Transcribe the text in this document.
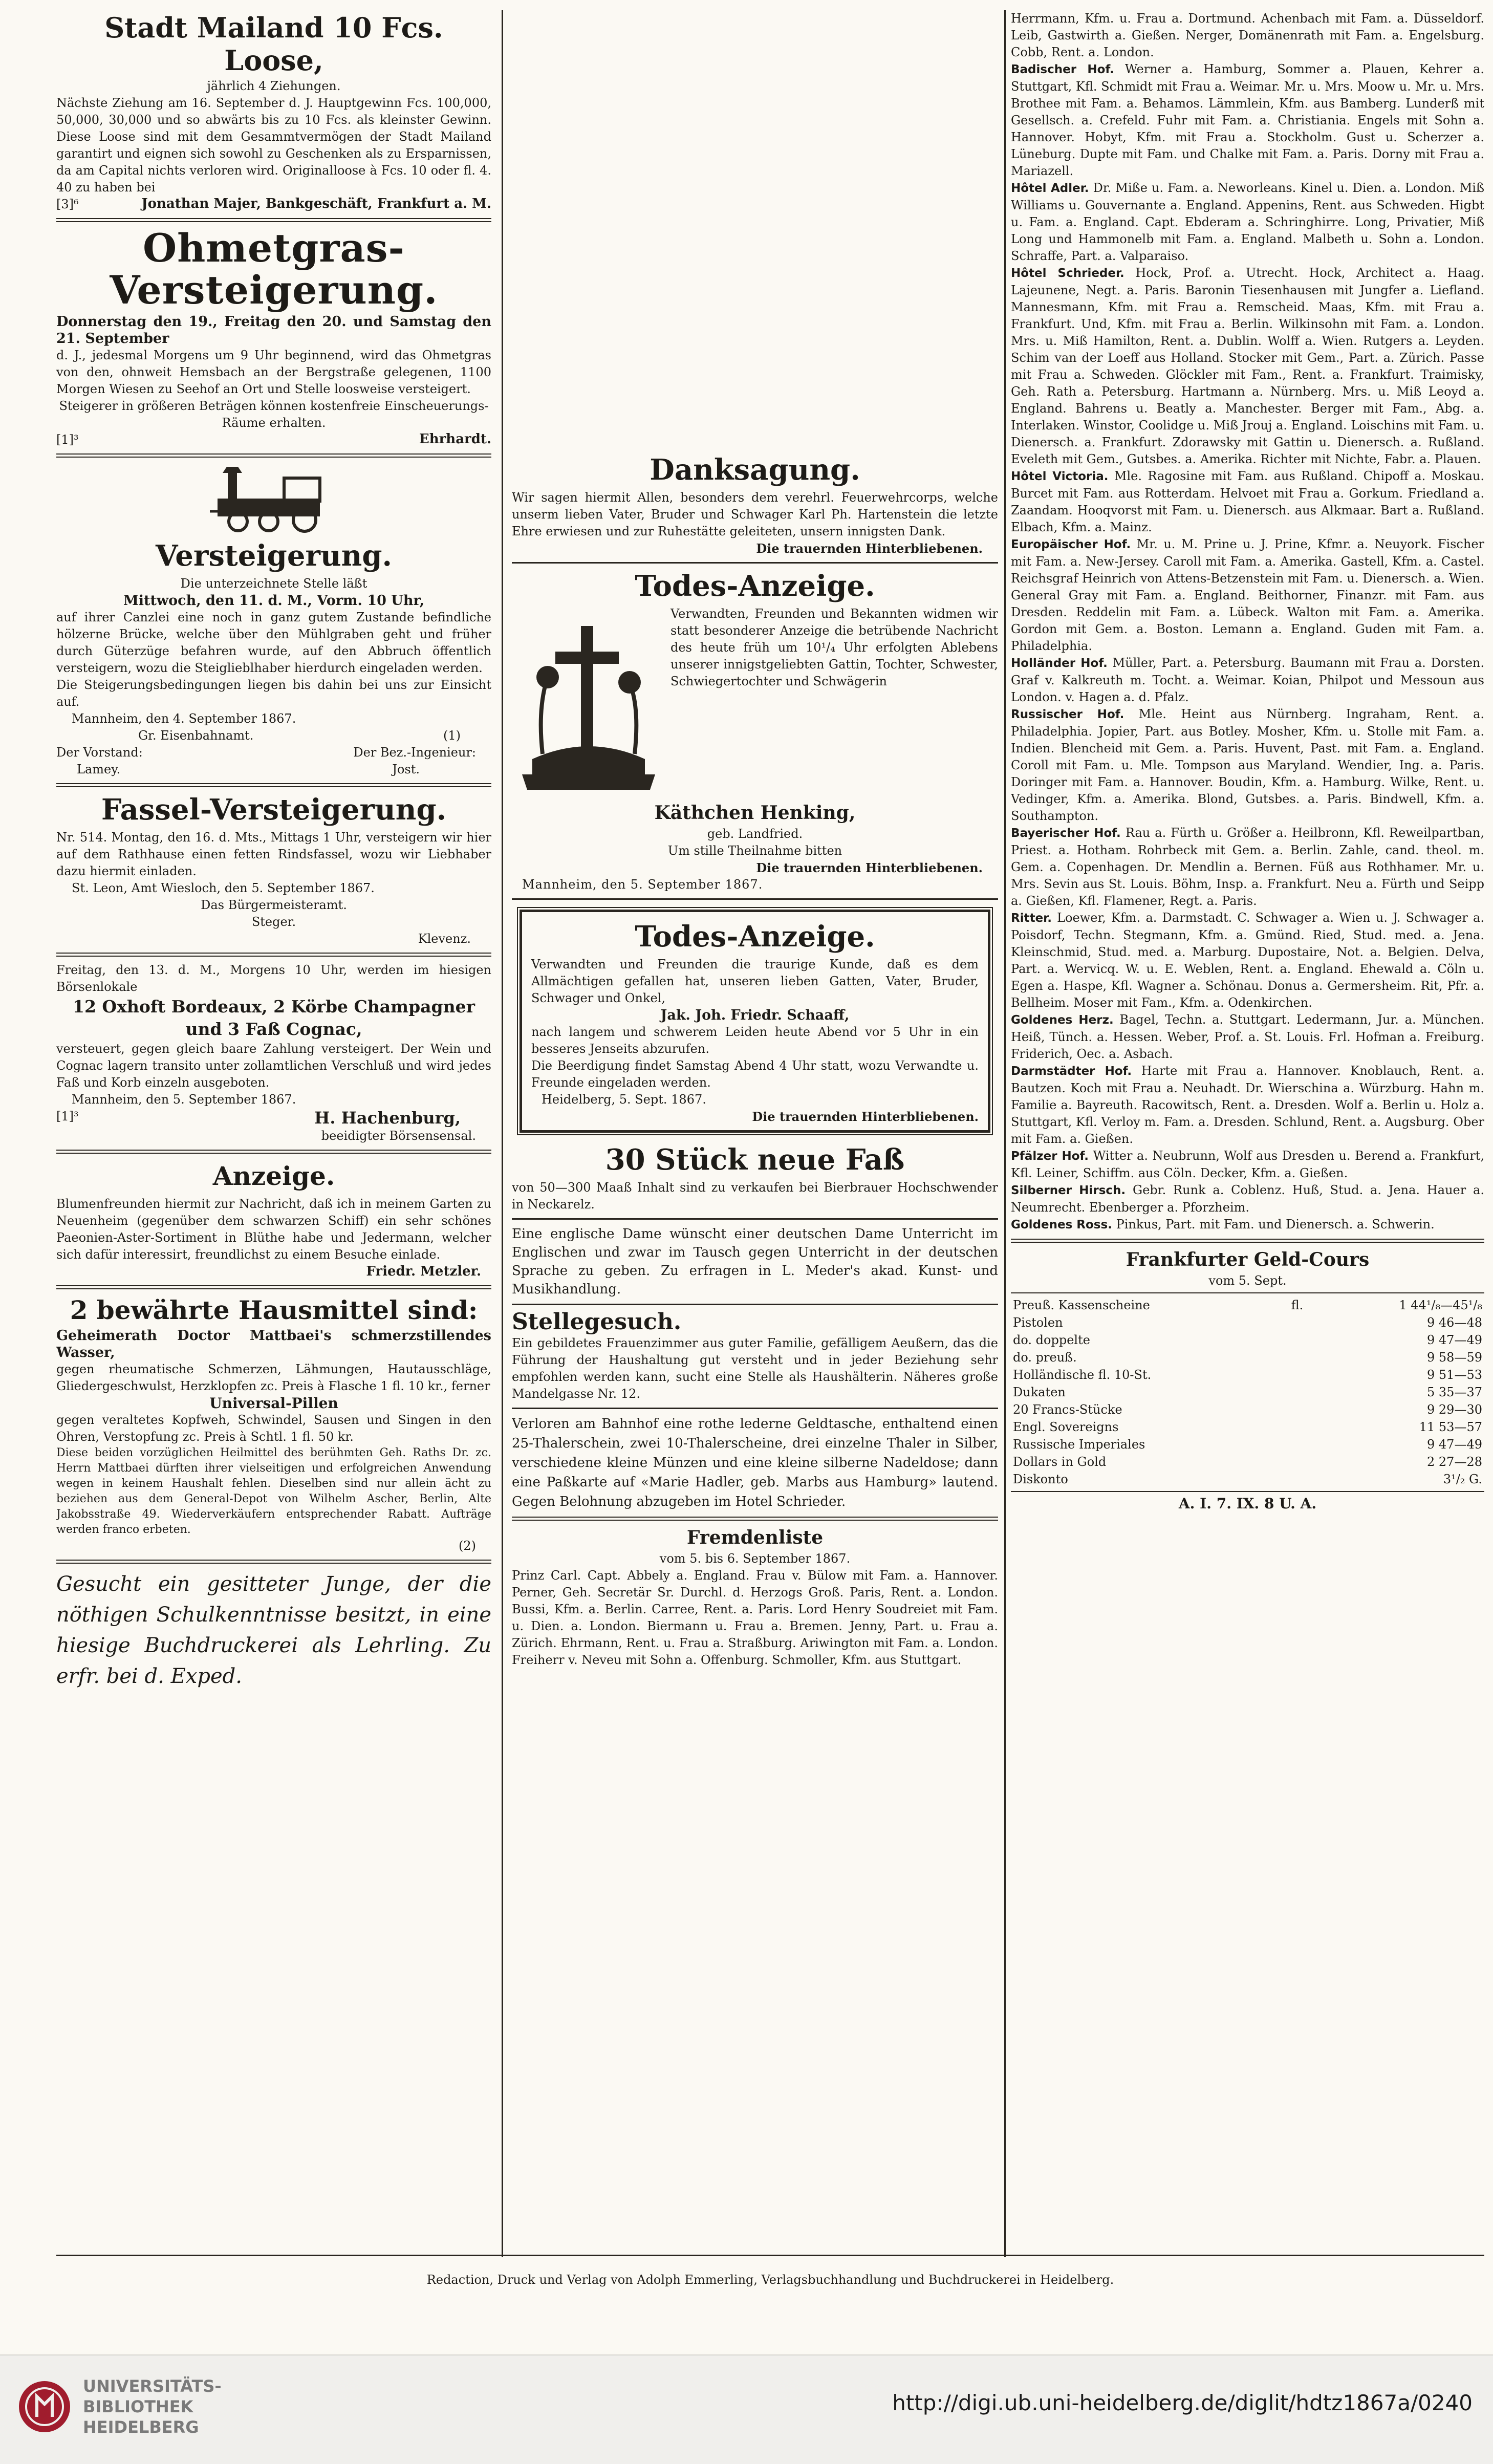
Stadt Mailand 10 Fcs. Loose,
jährlich 4 Ziehungen.

Nächste Ziehung am 16. September d. J. Hauptgewinn Fcs. 100,000, 50,000, 30,000 und so abwärts bis zu 10 Fcs. als kleinster Gewinn. Diese Loose sind mit dem Gesammtvermögen der Stadt Mailand garantirt und eignen sich sowohl zu Geschenken als zu Ersparnissen, da am Capital nichts verloren wird. Originalloose à Fcs. 10 oder fl. 4. 40 zu haben bei

[3]⁶	Jonathan Majer, Bankgeschäft, Frankfurt a. M.
Ohmetgras-Versteigerung.

Donnerstag den 19., Freitag den 20. und Samstag den 21. September

d. J., jedesmal Morgens um 9 Uhr beginnend, wird das Ohmetgras von den, ohnweit Hemsbach an der Bergstraße gelegenen, 1100 Morgen Wiesen zu Seehof an Ort und Stelle loosweise versteigert.

Steigerer in größeren Beträgen können kostenfreie Einscheuerungs-Räume erhalten.

[1]³	Ehrhardt.
Versteigerung.

Die unterzeichnete Stelle läßt

Mittwoch, den 11. d. M., Vorm. 10 Uhr,

auf ihrer Canzlei eine noch in ganz gutem Zustande befindliche hölzerne Brücke, welche über den Mühlgraben geht und früher durch Güterzüge befahren wurde, auf den Abbruch öffentlich versteigern, wozu die Steiglieblhaber hierdurch eingeladen werden.

Die Steigerungsbedingungen liegen bis dahin bei uns zur Einsicht auf.

Mannheim, den 4. September 1867.

Gr. Eisenbahnamt.	(1)
Der Vorstand:	Der Bez.-Ingenieur:
Lamey.	Jost.
Fassel-Versteigerung.

Nr. 514. Montag, den 16. d. Mts., Mittags 1 Uhr, versteigern wir hier auf dem Rathhause einen fetten Rindsfassel, wozu wir Liebhaber dazu hiermit einladen.

St. Leon, Amt Wiesloch, den 5. September 1867.

Das Bürgermeisteramt.

Steger.

Klevenz.

Freitag, den 13. d. M., Morgens 10 Uhr, werden im hiesigen Börsenlokale

12 Oxhoft Bordeaux, 2 Körbe Champagner und 3 Faß Cognac,

versteuert, gegen gleich baare Zahlung versteigert. Der Wein und Cognac lagern transito unter zollamtlichen Verschluß und wird jedes Faß und Korb einzeln ausgeboten.

Mannheim, den 5. September 1867.

[1]³	H. Hachenburg,

beeidigter Börsensensal.

Anzeige.

Blumenfreunden hiermit zur Nachricht, daß ich in meinem Garten zu Neuenheim (gegenüber dem schwarzen Schiff) ein sehr schönes Paeonien-Aster-Sortiment in Blüthe habe und Jedermann, welcher sich dafür interessirt, freundlichst zu einem Besuche einlade.

Friedr. Metzler.

2 bewährte Hausmittel sind:

Geheimerath Doctor Mattbaei's schmerzstillendes Wasser,

gegen rheumatische Schmerzen, Lähmungen, Hautausschläge, Gliedergeschwulst, Herzklopfen zc. Preis à Flasche 1 fl. 10 kr., ferner

Universal-Pillen

gegen veraltetes Kopfweh, Schwindel, Sausen und Singen in den Ohren, Verstopfung zc. Preis à Schtl. 1 fl. 50 kr.

Diese beiden vorzüglichen Heilmittel des berühmten Geh. Raths Dr. zc. Herrn Mattbaei dürften ihrer vielseitigen und erfolgreichen Anwendung wegen in keinem Haushalt fehlen. Dieselben sind nur allein ächt zu beziehen aus dem General-Depot von Wilhelm Ascher, Berlin, Alte Jakobsstraße 49. Wiederverkäufern entsprechender Rabatt. Aufträge werden franco erbeten.

(2)

Gesucht ein gesitteter Junge, der die nöthigen Schulkenntnisse besitzt, in eine hiesige Buchdruckerei als Lehrling. Zu erfr. bei d. Exped.

Danksagung.

Wir sagen hiermit Allen, besonders dem verehrl. Feuerwehrcorps, welche unserm lieben Vater, Bruder und Schwager Karl Ph. Hartenstein die letzte Ehre erwiesen und zur Ruhestätte geleiteten, unsern innigsten Dank.

Die trauernden Hinterbliebenen.

Todes-Anzeige.

Verwandten, Freunden und Bekannten widmen wir statt besonderer Anzeige die betrübende Nachricht des heute früh um 10¹/₄ Uhr erfolgten Ablebens unserer innigstgeliebten Gattin, Tochter, Schwester, Schwiegertochter und Schwägerin

Käthchen Henking,

geb. Landfried.

Um stille Theilnahme bitten

Die trauernden Hinterbliebenen.

Mannheim, den 5. September 1867.

Todes-Anzeige.

Verwandten und Freunden die traurige Kunde, daß es dem Allmächtigen gefallen hat, unseren lieben Gatten, Vater, Bruder, Schwager und Onkel,

Jak. Joh. Friedr. Schaaff,

nach langem und schwerem Leiden heute Abend vor 5 Uhr in ein besseres Jenseits abzurufen.

Die Beerdigung findet Samstag Abend 4 Uhr statt, wozu Verwandte u. Freunde eingeladen werden.

Heidelberg, 5. Sept. 1867.

Die trauernden Hinterbliebenen.

30 Stück neue Faß

von 50—300 Maaß Inhalt sind zu verkaufen bei Bierbrauer Hochschwender in Neckarelz.

Eine englische Dame wünscht einer deutschen Dame Unterricht im Englischen und zwar im Tausch gegen Unterricht in der deutschen Sprache zu geben. Zu erfragen in L. Meder's akad. Kunst- und Musikhandlung.

Stellegesuch.

Ein gebildetes Frauenzimmer aus guter Familie, gefälligem Aeußern, das die Führung der Haushaltung gut versteht und in jeder Beziehung sehr empfohlen werden kann, sucht eine Stelle als Haushälterin. Näheres große Mandelgasse Nr. 12.

Verloren am Bahnhof eine rothe lederne Geldtasche, enthaltend einen 25-Thalerschein, zwei 10-Thalerscheine, drei einzelne Thaler in Silber, verschiedene kleine Münzen und eine kleine silberne Nadeldose; dann eine Paßkarte auf «Marie Hadler, geb. Marbs aus Hamburg» lautend. Gegen Belohnung abzugeben im Hotel Schrieder.

Fremdenliste

vom 5. bis 6. September 1867.

Prinz Carl. Capt. Abbely a. England. Frau v. Bülow mit Fam. a. Hannover. Perner, Geh. Secretär Sr. Durchl. d. Herzogs Groß. Paris, Rent. a. London. Bussi, Kfm. a. Berlin. Carree, Rent. a. Paris. Lord Henry Soudreiet mit Fam. u. Dien. a. London. Biermann u. Frau a. Bremen. Jenny, Part. u. Frau a. Zürich. Ehrmann, Rent. u. Frau a. Straßburg. Ariwington mit Fam. a. London. Freiherr v. Neveu mit Sohn a. Offenburg. Schmoller, Kfm. aus Stuttgart.

Herrmann, Kfm. u. Frau a. Dortmund. Achenbach mit Fam. a. Düsseldorf. Leib, Gastwirth a. Gießen. Nerger, Domänenrath mit Fam. a. Engelsburg. Cobb, Rent. a. London.

Badischer Hof. Werner a. Hamburg, Sommer a. Plauen, Kehrer a. Stuttgart, Kfl. Schmidt mit Frau a. Weimar. Mr. u. Mrs. Moow u. Mr. u. Mrs. Brothee mit Fam. a. Behamos. Lämmlein, Kfm. aus Bamberg. Lunderß mit Gesellsch. a. Crefeld. Fuhr mit Fam. a. Christiania. Engels mit Sohn a. Hannover. Hobyt, Kfm. mit Frau a. Stockholm. Gust u. Scherzer a. Lüneburg. Dupte mit Fam. und Chalke mit Fam. a. Paris. Dorny mit Frau a. Mariazell.

Hôtel Adler. Dr. Miße u. Fam. a. Neworleans. Kinel u. Dien. a. London. Miß Williams u. Gouvernante a. England. Appenins, Rent. aus Schweden. Higbt u. Fam. a. England. Capt. Ebderam a. Schringhirre. Long, Privatier, Miß Long und Hammonelb mit Fam. a. England. Malbeth u. Sohn a. London. Schraffe, Part. a. Valparaiso.

Hôtel Schrieder. Hock, Prof. a. Utrecht. Hock, Architect a. Haag. Lajeunene, Negt. a. Paris. Baronin Tiesenhausen mit Jungfer a. Liefland. Mannesmann, Kfm. mit Frau a. Remscheid. Maas, Kfm. mit Frau a. Frankfurt. Und, Kfm. mit Frau a. Berlin. Wilkinsohn mit Fam. a. London. Mrs. u. Miß Hamilton, Rent. a. Dublin. Wolff a. Wien. Rutgers a. Leyden. Schim van der Loeff aus Holland. Stocker mit Gem., Part. a. Zürich. Passe mit Frau a. Schweden. Glöckler mit Fam., Rent. a. Frankfurt. Traimisky, Geh. Rath a. Petersburg. Hartmann a. Nürnberg. Mrs. u. Miß Leoyd a. England. Bahrens u. Beatly a. Manchester. Berger mit Fam., Abg. a. Interlaken. Winstor, Coolidge u. Miß Jrouj a. England. Loischins mit Fam. u. Dienersch. a. Frankfurt. Zdorawsky mit Gattin u. Dienersch. a. Rußland. Eveleth mit Gem., Gutsbes. a. Amerika. Richter mit Nichte, Fabr. a. Plauen.

Hôtel Victoria. Mle. Ragosine mit Fam. aus Rußland. Chipoff a. Moskau. Burcet mit Fam. aus Rotterdam. Helvoet mit Frau a. Gorkum. Friedland a. Zaandam. Hooqvorst mit Fam. u. Dienersch. aus Alkmaar. Bart a. Rußland. Elbach, Kfm. a. Mainz.

Europäischer Hof. Mr. u. M. Prine u. J. Prine, Kfmr. a. Neuyork. Fischer mit Fam. a. New-Jersey. Caroll mit Fam. a. Amerika. Gastell, Kfm. a. Castel. Reichsgraf Heinrich von Attens-Betzenstein mit Fam. u. Dienersch. a. Wien. General Gray mit Fam. a. England. Beithorner, Finanzr. mit Fam. aus Dresden. Reddelin mit Fam. a. Lübeck. Walton mit Fam. a. Amerika. Gordon mit Gem. a. Boston. Lemann a. England. Guden mit Fam. a. Philadelphia.

Holländer Hof. Müller, Part. a. Petersburg. Baumann mit Frau a. Dorsten. Graf v. Kalkreuth m. Tocht. a. Weimar. Koian, Philpot und Messoun aus London. v. Hagen a. d. Pfalz.

Russischer Hof. Mle. Heint aus Nürnberg. Ingraham, Rent. a. Philadelphia. Jopier, Part. aus Botley. Mosher, Kfm. u. Stolle mit Fam. a. Indien. Blencheid mit Gem. a. Paris. Huvent, Past. mit Fam. a. England. Coroll mit Fam. u. Mle. Tompson aus Maryland. Wendier, Ing. a. Paris. Doringer mit Fam. a. Hannover. Boudin, Kfm. a. Hamburg. Wilke, Rent. u. Vedinger, Kfm. a. Amerika. Blond, Gutsbes. a. Paris. Bindwell, Kfm. a. Southampton.

Bayerischer Hof. Rau a. Fürth u. Größer a. Heilbronn, Kfl. Reweilpartban, Priest. a. Hotham. Rohrbeck mit Gem. a. Berlin. Zahle, cand. theol. m. Gem. a. Copenhagen. Dr. Mendlin a. Bernen. Füß aus Rothhamer. Mr. u. Mrs. Sevin aus St. Louis. Böhm, Insp. a. Frankfurt. Neu a. Fürth und Seipp a. Gießen, Kfl. Flamener, Regt. a. Paris.

Ritter. Loewer, Kfm. a. Darmstadt. C. Schwager a. Wien u. J. Schwager a. Poisdorf, Techn. Stegmann, Kfm. a. Gmünd. Ried, Stud. med. a. Jena. Kleinschmid, Stud. med. a. Marburg. Dupostaire, Not. a. Belgien. Delva, Part. a. Wervicq. W. u. E. Weblen, Rent. a. England. Ehewald a. Cöln u. Egen a. Haspe, Kfl. Wagner a. Schönau. Donus a. Germersheim. Rit, Pfr. a. Bellheim. Moser mit Fam., Kfm. a. Odenkirchen.

Goldenes Herz. Bagel, Techn. a. Stuttgart. Ledermann, Jur. a. München. Heiß, Tünch. a. Hessen. Weber, Prof. a. St. Louis. Frl. Hofman a. Freiburg. Friderich, Oec. a. Asbach.

Darmstädter Hof. Harte mit Frau a. Hannover. Knoblauch, Rent. a. Bautzen. Koch mit Frau a. Neuhadt. Dr. Wierschina a. Würzburg. Hahn m. Familie a. Bayreuth. Racowitsch, Rent. a. Dresden. Wolf a. Berlin u. Holz a. Stuttgart, Kfl. Verloy m. Fam. a. Dresden. Schlund, Rent. a. Augsburg. Ober mit Fam. a. Gießen.

Pfälzer Hof. Witter a. Neubrunn, Wolf aus Dresden u. Berend a. Frankfurt, Kfl. Leiner, Schiffm. aus Cöln. Decker, Kfm. a. Gießen.

Silberner Hirsch. Gebr. Runk a. Coblenz. Huß, Stud. a. Jena. Hauer a. Neumrecht. Ebenberger a. Pforzheim.

Goldenes Ross. Pinkus, Part. mit Fam. und Dienersch. a. Schwerin.

Frankfurter Geld-Cours

vom 5. Sept.

Preuß. Kassenscheine	fl.	1 44¹/₈—45¹/₈
Pistolen		9 46—48
do. doppelte		9 47—49
do. preuß.		9 58—59
Holländische fl. 10-St.		9 51—53
Dukaten		5 35—37
20 Francs-Stücke		9 29—30
Engl. Sovereigns		11 53—57
Russische Imperiales		9 47—49
Dollars in Gold		2 27—28
Diskonto		3¹/₂ G.

A. I. 7. IX. 8 U. A.

Redaction, Druck und Verlag von Adolph Emmerling, Verlagsbuchhandlung und Buchdruckerei in Heidelberg.
UNIVERSITÄTS-
BIBLIOTHEK
HEIDELBERG
http://digi.ub.uni-heidelberg.de/diglit/hdtz1867a/0240
